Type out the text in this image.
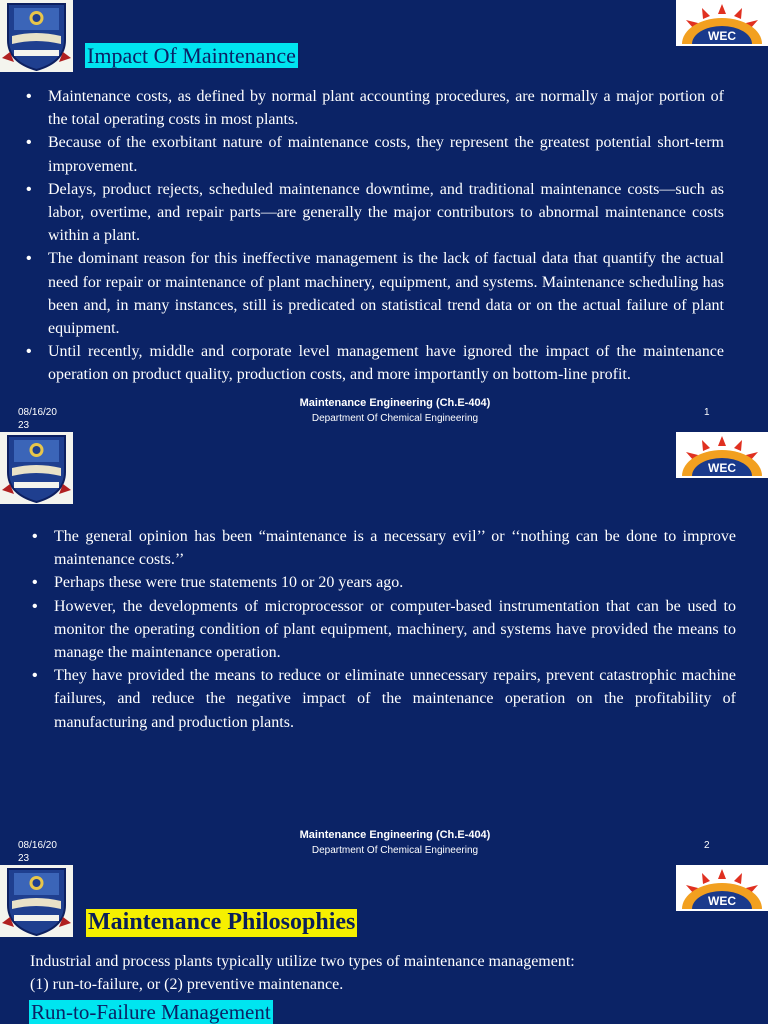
WEC
Impact Of Maintenance
• Maintenance costs, as defined by normal plant accounting procedures, are normally a major portion of the total operating costs in most plants.
• Because of the exorbitant nature of maintenance costs, they represent the greatest potential short-term improvement.
• Delays, product rejects, scheduled maintenance downtime, and traditional maintenance costs—such as labor, overtime, and repair parts—are generally the major contributors to abnormal maintenance costs within a plant.
• The dominant reason for this ineffective management is the lack of factual data that quantify the actual need for repair or maintenance of plant machinery, equipment, and systems. Maintenance scheduling has been and, in many instances, still is predicated on statistical trend data or on the actual failure of plant equipment.
• Until recently, middle and corporate level management have ignored the impact of the maintenance operation on product quality, production costs, and more importantly on bottom-line profit.
08/16/2023
Maintenance Engineering (Ch.E-404)
Department Of Chemical Engineering
1
WEC
• The general opinion has been “maintenance is a necessary evil’’ or ‘‘nothing can be done to improve maintenance costs.’’
• Perhaps these were true statements 10 or 20 years ago.
• However, the developments of microprocessor or computer-based instrumentation that can be used to monitor the operating condition of plant equipment, machinery, and systems have provided the means to manage the maintenance operation.
• They have provided the means to reduce or eliminate unnecessary repairs, prevent catastrophic machine failures, and reduce the negative impact of the maintenance operation on the profitability of manufacturing and production plants.
08/16/2023
Maintenance Engineering (Ch.E-404)
Department Of Chemical Engineering	2
WEC
Maintenance Philosophies
Industrial and process plants typically utilize two types of maintenance management:
(1) run-to-failure, or (2) preventive maintenance.
Run-to-Failure Management
